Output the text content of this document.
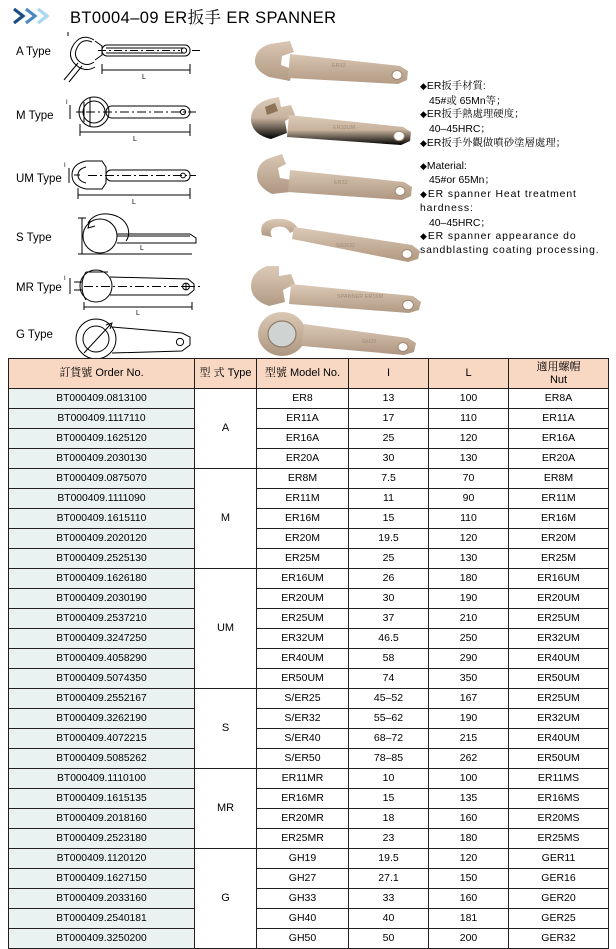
BT0004–09 ER扳手 ER SPANNER
A Type
L
M Type
L
I
UM Type
L
I
S Type
L
MR Type
L
I
G Type
ER32
ER32UM
ER32
S/ER32
SPANNER ER16M
GH33
◆ER扳手材質:
45#或 65Mn等；
◆ER扳手熱處理硬度；
40–45HRC；
◆ER扳手外觀做噴砂塗層處理；
◆Material:
45#or 65Mn；
◆ER spanner Heat treatment hardness:
40–45HRC；
◆ER spanner appearance do sandblasting coating processing.
訂貨號 Order No.	型 式 Type	型號 Model No.	I	L	適用螺帽
Nut

BT000409.0813100	A	ER8	13	100	ER8A
BT000409.1117110		ER11A	17	110	ER11A
BT000409.1625120		ER16A	25	120	ER16A
BT000409.2030130		ER20A	30	130	ER20A
BT000409.0875070	M	ER8M	7.5	70	ER8M
BT000409.1111090		ER11M	11	90	ER11M
BT000409.1615110		ER16M	15	110	ER16M
BT000409.2020120		ER20M	19.5	120	ER20M
BT000409.2525130		ER25M	25	130	ER25M
BT000409.1626180	UM	ER16UM	26	180	ER16UM
BT000409.2030190		ER20UM	30	190	ER20UM
BT000409.2537210		ER25UM	37	210	ER25UM
BT000409.3247250		ER32UM	46.5	250	ER32UM
BT000409.4058290		ER40UM	58	290	ER40UM
BT000409.5074350		ER50UM	74	350	ER50UM
BT000409.2552167	S	S/ER25	45–52	167	ER25UM
BT000409.3262190		S/ER32	55–62	190	ER32UM
BT000409.4072215		S/ER40	68–72	215	ER40UM
BT000409.5085262		S/ER50	78–85	262	ER50UM
BT000409.1110100	MR	ER11MR	10	100	ER11MS
BT000409.1615135		ER16MR	15	135	ER16MS
BT000409.2018160		ER20MR	18	160	ER20MS
BT000409.2523180		ER25MR	23	180	ER25MS
BT000409.1120120	G	GH19	19.5	120	GER11
BT000409.1627150		GH27	27.1	150	GER16
BT000409.2033160		GH33	33	160	GER20
BT000409.2540181		GH40	40	181	GER25
BT000409.3250200		GH50	50	200	GER32
